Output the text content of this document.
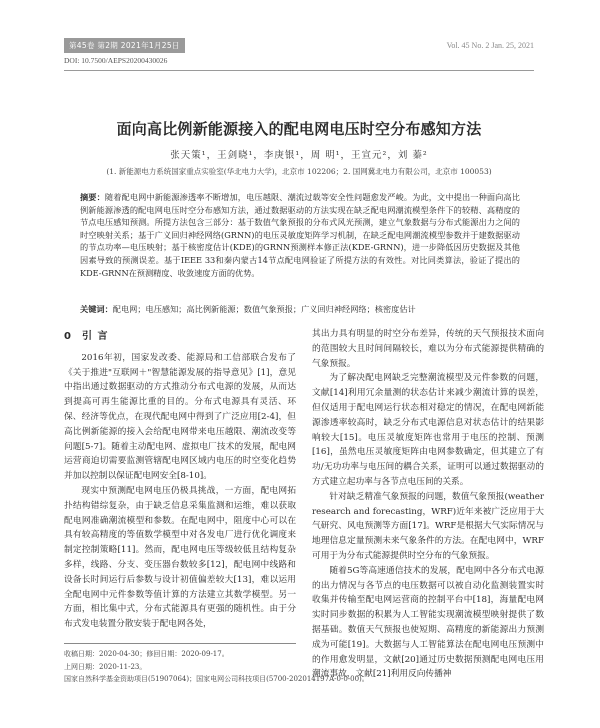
第45卷 第2期 2021年1月25日	Vol. 45 No. 2 Jan. 25, 2021
DOI: 10.7500/AEPS20200430026
面向高比例新能源接入的配电网电压时空分布感知方法
张天策¹，王剑晓¹，李庚银¹，周 明¹，王宣元²，刘 蓁²
(1. 新能源电力系统国家重点实验室(华北电力大学)，北京市 102206；2. 国网冀北电力有限公司，北京市 100053)
摘要：随着配电网中新能源渗透率不断增加，电压越限、潮流过载等安全性问题愈发严峻。为此，文中提出一种面向高比例新能源渗透的配电网电压时空分布感知方法，通过数据驱动的方法实现在缺乏配电网潮流模型条件下的较精、高精度的节点电压感知预测。所提方法包含三部分：基于数值气象预报的分布式风光预测，建立气象数据与分布式能源出力之间的时空映射关系；基于广义回归神经网络(GRNN)的电压灵敏度矩阵学习机制，在缺乏配电网潮流模型参数并于建数据驱动的节点功率—电压映射；基于核密度估计(KDE)的GRNN预测样本修正法(KDE-GRNN)，进一步降低因历史数据及其他因素导致的预测误差。基于IEEE 33和秦内蒙古14节点配电网验证了所提方法的有效性。对比同类算法，验证了提出的KDE-GRNN在预测精度、收敛速度方面的优势。
关键词：配电网；电压感知；高比例新能源；数值气象预报；广义回归神经网络；核密度估计
0 引 言

2016年初，国家发改委、能源局和工信部联合发布了《关于推进"互联网＋"智慧能源发展的指导意见》[1]，意见中指出通过数据驱动的方式推动分布式电源的发展，从而达到提高可再生能源比重的目的。分布式电源具有灵活、环保、经济等优点，在现代配电网中得到了广泛应用[2-4]，但高比例新能源的接入会给配电网带来电压越限、潮流改变等问题[5-7]。随着主动配电网、虚拟电厂技术的发展，配电网运营商迫切需要监测管辖配电网区域内电压的时空变化趋势并加以控制以保证配电网安全[8-10]。

现实中预测配电网电压仍极具挑战，一方面，配电网拓扑结构错综复杂，由于缺乏信息采集监测和运维，难以获取配电网准确潮流模型和参数。在配电网中，阻度中心可以在具有较高精度的等值数学模型中对各发电厂进行优化调度来制定控制策略[11]。然而，配电网电压等级较低且结构复杂多样，线路、分支、变压器台数较多[12]，配电网中线路和设备长时间运行后参数与设计初值偏差较大[13]，难以运用全配电网中元件参数等值计算的方法建立其数学模型。另一方面，相比集中式，分布式能源具有更强的随机性。由于分布式发电装置分散安装于配电网各处，

其出力具有明显的时空分布差异，传统的天气预报技术面向的范围较大且时间间隔较长，难以为分布式能源提供精确的气象预报。

为了解决配电网缺乏完整潮流模型及元件参数的问题，文献[14]利用冗余量测的状态估计来减少潮流计算的误差，但仅适用于配电网运行状态相对稳定的情况，在配电网新能源渗透率较高时，缺乏分布式电源信息对状态估计的结果影响较大[15]。电压灵敏度矩阵也常用于电压的控制、预测[16]，虽然电压灵敏度矩阵由电网参数确定，但其建立了有功/无功功率与电压间的耦合关系，证明可以通过数据驱动的方式建立起功率与各节点电压间的关系。

针对缺乏精准气象预报的问题，数值气象预报(weather research and forecasting，WRF)近年来被广泛应用于大气研究、风电预测等方面[17]。WRF是根据大气实际情况与地理信息定量预测未来气象条件的方法。在配电网中，WRF可用于为分布式能源提供时空分布的气象预报。

随着5G等高速通信技术的发展，配电网中各分布式电源的出力情况与各节点的电压数据可以被自动化监测装置实时收集并传输至配电网运营商的控制平台中[18]，海量配电网实时同步数据的积累为人工智能实现潮流模型映射提供了数据基础。数值天气预报也使短期、高精度的新能源出力预测成为可能[19]。大数据与人工智能算法在配电网电压预测中的作用愈发明显，文献[20]通过历史数据预测配电网电压用潮流事故，文献[21]利用反向传播神

收稿日期：2020-04-30；修回日期：2020-09-17。
上网日期：2020-11-23。
国家自然科学基金资助项目(51907064)；国家电网公司科技项目(5700-202014197A-0-0-00)。
